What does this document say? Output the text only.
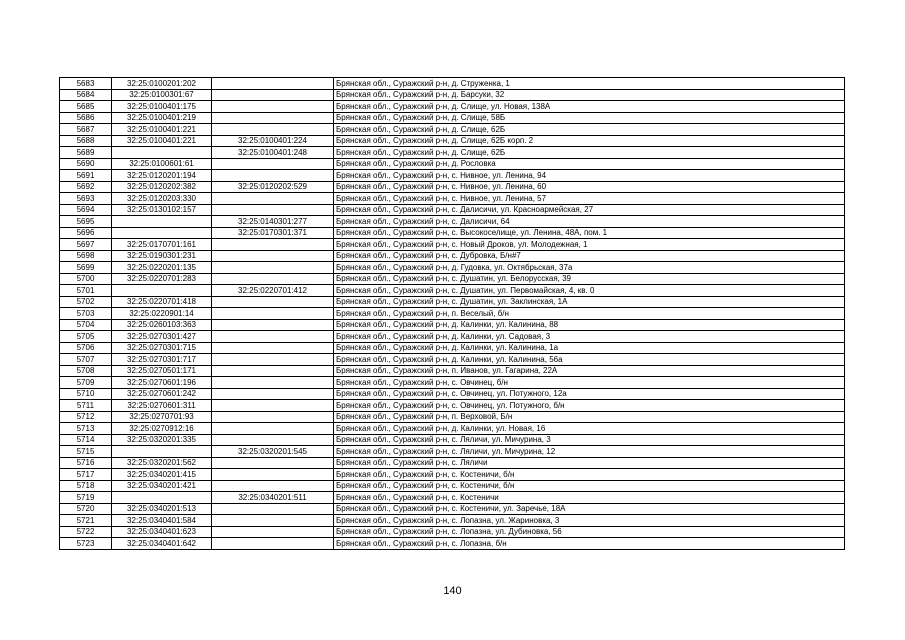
5683	32:25:0100201:202		Брянская обл., Суражский р-н, д. Струженка, 1
5684	32:25:0100301:67		Брянская обл., Суражский р-н, д. Барсуки, 32
5685	32:25:0100401:175		Брянская обл., Суражский р-н, д. Слище, ул. Новая, 138А
5686	32:25:0100401:219		Брянская обл., Суражский р-н, д. Слище, 58Б
5687	32:25:0100401:221		Брянская обл., Суражский р-н, д. Слище, 62Б
5688	32:25:0100401:221	32:25:0100401:224	Брянская обл., Суражский р-н, д. Слище, 62Б корп. 2
5689		32:25:0100401:248	Брянская обл., Суражский р-н, д. Слище, 62Б
5690	32:25:0100601:61		Брянская обл., Суражский р-н, д. Рословка
5691	32:25:0120201:194		Брянская обл., Суражский р-н, с. Нивное, ул. Ленина, 94
5692	32:25:0120202:382	32:25:0120202:529	Брянская обл., Суражский р-н, с. Нивное, ул. Ленина, 60
5693	32:25:0120203:330		Брянская обл., Суражский р-н, с. Нивное, ул. Ленина, 57
5694	32:25:0130102:157		Брянская обл., Суражский р-н, с. Далисичи, ул. Красноармейская, 27
5695		32:25:0140301:277	Брянская обл., Суражский р-н, с. Далисичи, 64
5696		32:25:0170301:371	Брянская обл., Суражский р-н, с. Высокоселище, ул. Ленина, 48А, пом. 1
5697	32:25:0170701:161		Брянская обл., Суражский р-н, с. Новый Дроков, ул. Молодежная, 1
5698	32:25:0190301:231		Брянская обл., Суражский р-н, с. Дубровка, Б/н#7
5699	32:25:0220201:135		Брянская обл., Суражский р-н, д. Гудовка, ул. Октябрьская, 37а
5700	32:25:0220701:283		Брянская обл., Суражский р-н, с. Душатин, ул. Белорусская, 39
5701		32:25:0220701:412	Брянская обл., Суражский р-н, с. Душатин, ул. Первомайская, 4, кв. 0
5702	32:25:0220701:418		Брянская обл., Суражский р-н, с. Душатин, ул. Заклинская, 1А
5703	32:25:0220901:14		Брянская обл., Суражский р-н, п. Веселый, б/н
5704	32:25:0260103:363		Брянская обл., Суражский р-н, д. Калинки, ул. Калинина, 88
5705	32:25:0270301:427		Брянская обл., Суражский р-н, д. Калинки, ул. Садовая, 3
5706	32:25:0270301:715		Брянская обл., Суражский р-н, д. Калинки, ул. Калинина, 1а
5707	32:25:0270301:717		Брянская обл., Суражский р-н, д. Калинки, ул. Калинина, 56а
5708	32:25:0270501:171		Брянская обл., Суражский р-н, п. Иванов, ул. Гагарина, 22А
5709	32:25:0270601:196		Брянская обл., Суражский р-н, с. Овчинец, б/н
5710	32:25:0270601:242		Брянская обл., Суражский р-н, с. Овчинец, ул. Потужного, 12а
5711	32:25:0270601:311		Брянская обл., Суражский р-н, с. Овчинец, ул. Потужного, б/н
5712	32:25:0270701:93		Брянская обл., Суражский р-н, п. Верховой, Б/н
5713	32:25:0270912:16		Брянская обл., Суражский р-н, д. Калинки, ул. Новая, 16
5714	32:25:0320201:335		Брянская обл., Суражский р-н, с. Ляличи, ул. Мичурина, 3
5715		32:25:0320201:545	Брянская обл., Суражский р-н, с. Ляличи, ул. Мичурина, 12
5716	32:25:0320201:562		Брянская обл., Суражский р-н, с. Ляличи
5717	32:25:0340201:415		Брянская обл., Суражский р-н, с. Костеничи, б/н
5718	32:25:0340201:421		Брянская обл., Суражский р-н, с. Костеничи, б/н
5719		32:25:0340201:511	Брянская обл., Суражский р-н, с. Костеничи
5720	32:25:0340201:513		Брянская обл., Суражский р-н, с. Костеничи, ул. Заречье, 18А
5721	32:25:0340401:584		Брянская обл., Суражский р-н, с. Лопазна, ул. Жариновка, 3
5722	32:25:0340401:623		Брянская обл., Суражский р-н, с. Лопазна, ул. Дубиновка, 56
5723	32:25:0340401:642		Брянская обл., Суражский р-н, с. Лопазна, б/н
140
